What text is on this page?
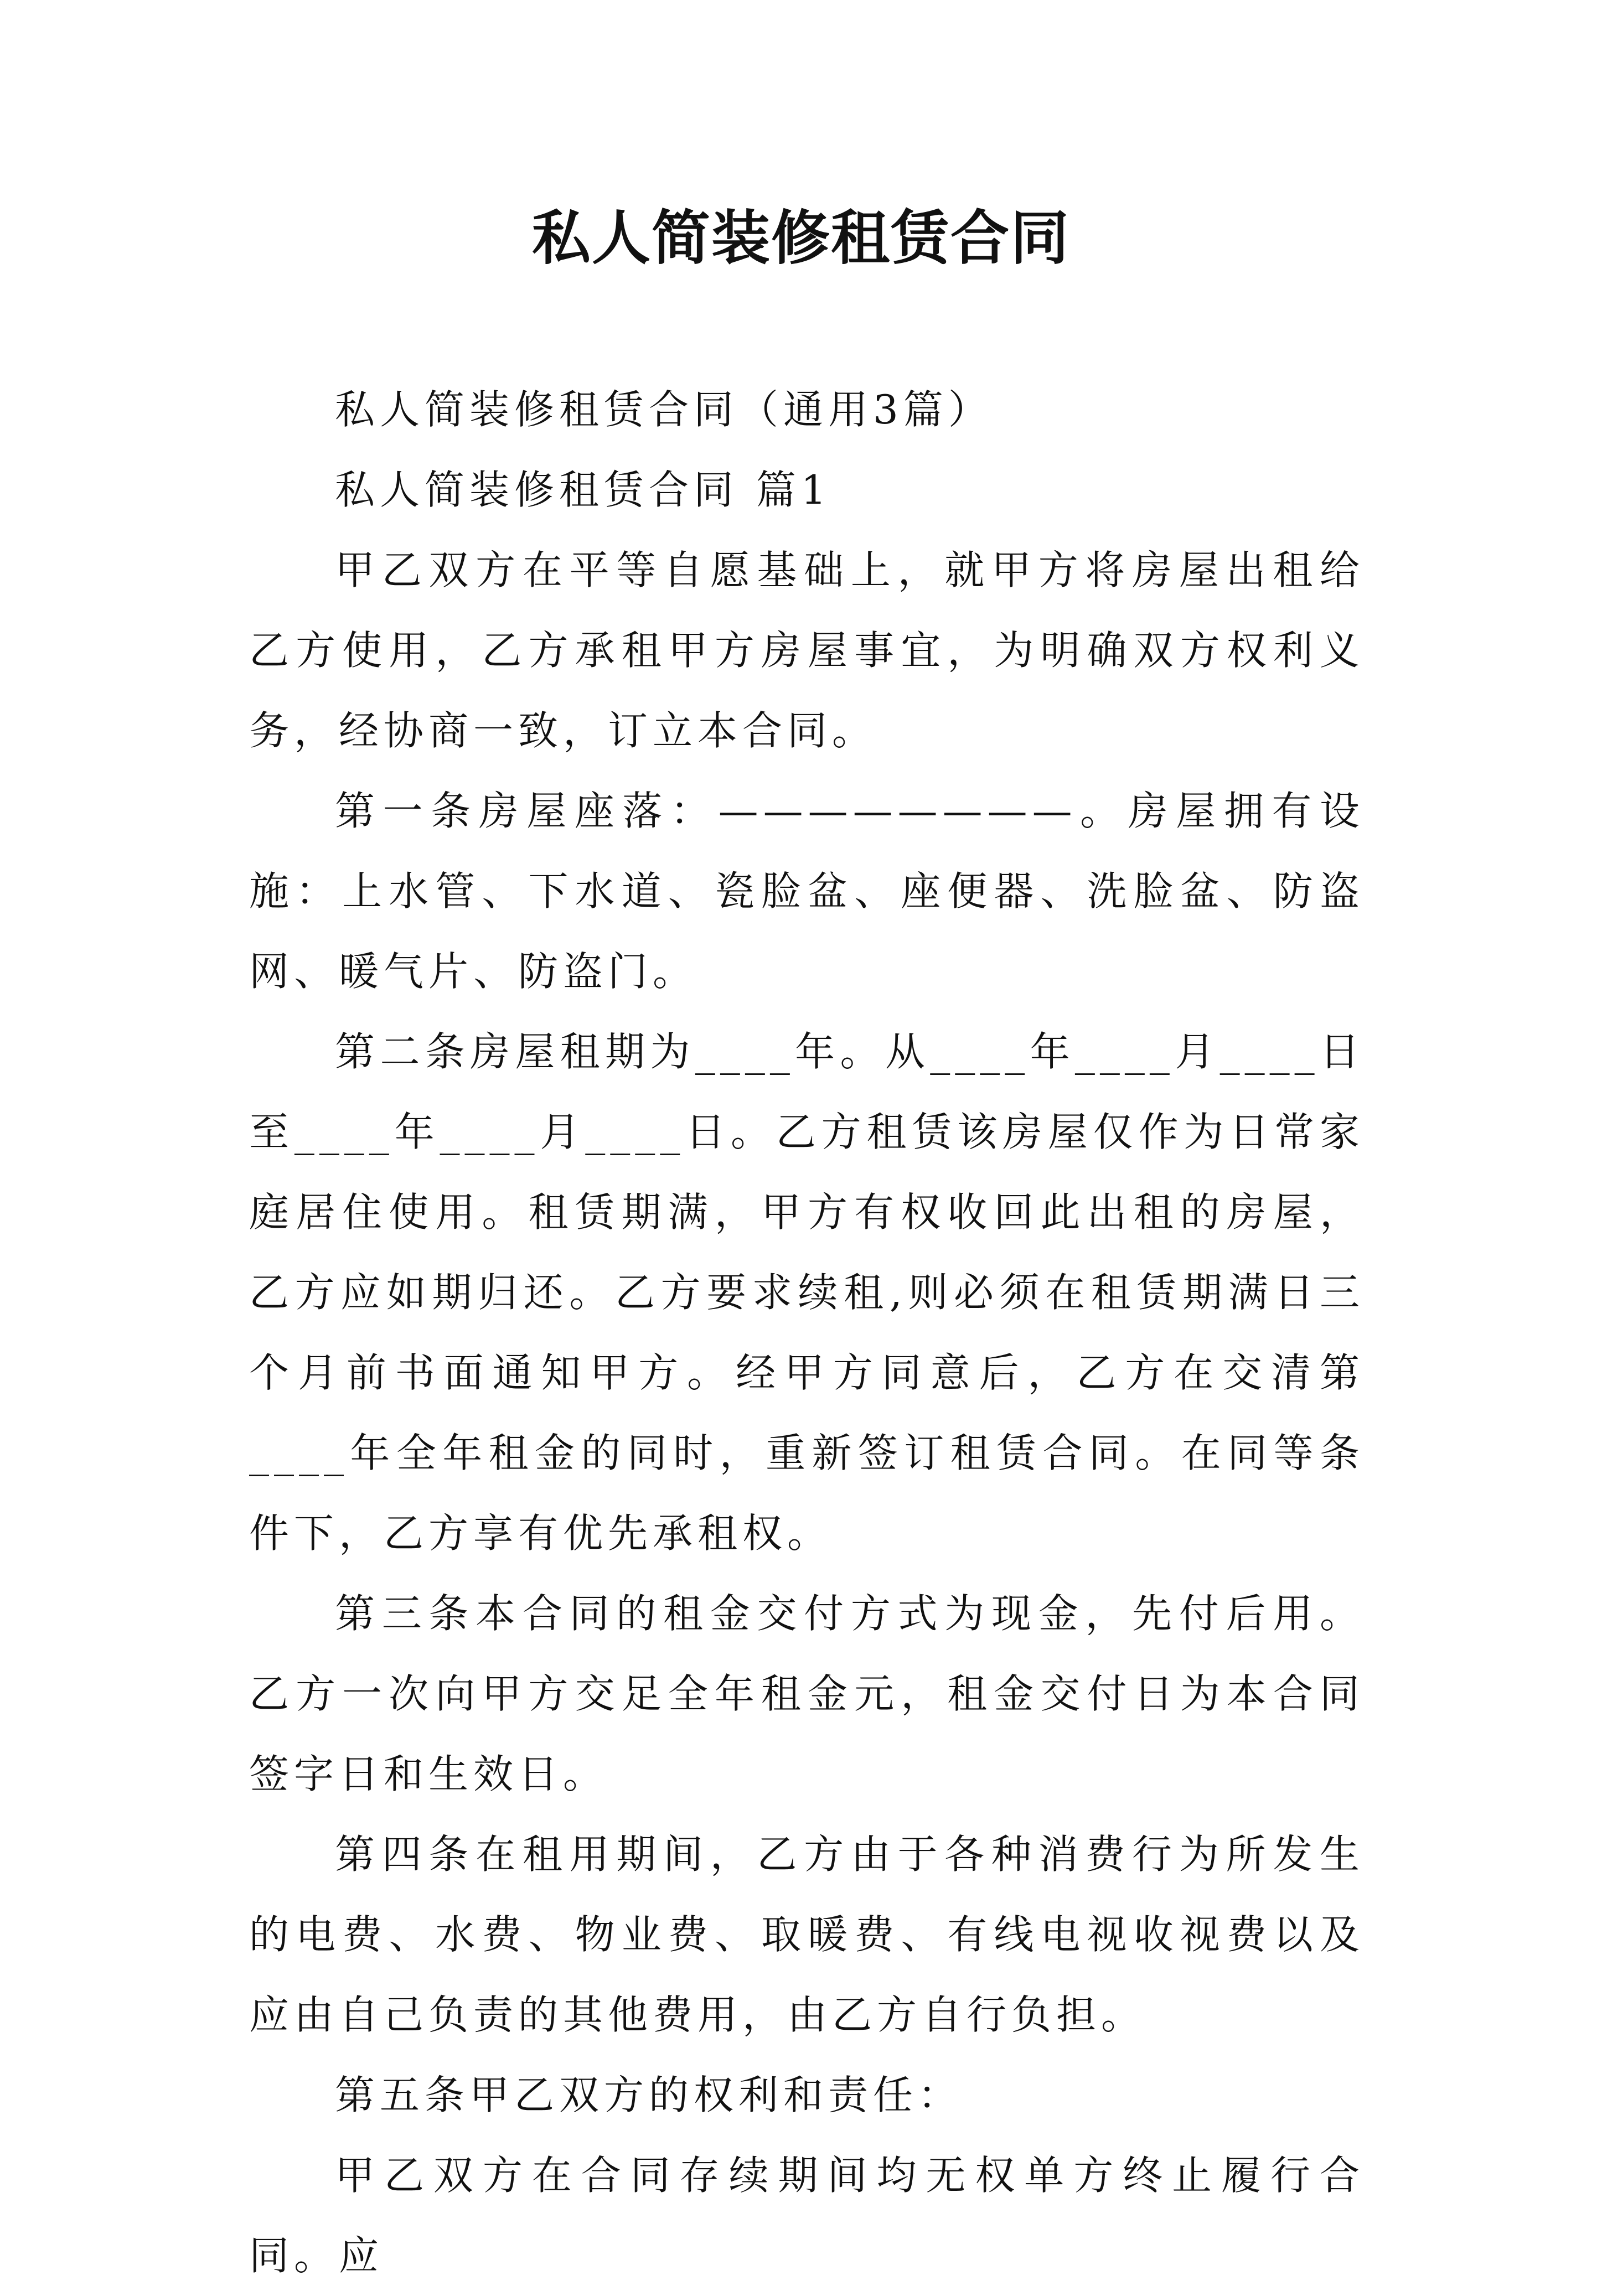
私人简装修租赁合同

私人简装修租赁合同（通用3篇）

私人简装修租赁合同 篇1

甲乙双方在平等自愿基础上，就甲方将房屋出租给乙方使用，乙方承租甲方房屋事宜，为明确双方权利义务，经协商一致，订立本合同。

第一条房屋座落：————————。房屋拥有设施：上水管、下水道、瓷脸盆、座便器、洗脸盆、防盗网、暖气片、防盗门。

第二条房屋租期为____年。从____年____月____日至____年____月____日。乙方租赁该房屋仅作为日常家庭居住使用。租赁期满，甲方有权收回此出租的房屋，乙方应如期归还。乙方要求续租,则必须在租赁期满日三个月前书面通知甲方。经甲方同意后，乙方在交清第____年全年租金的同时，重新签订租赁合同。在同等条件下，乙方享有优先承租权。

第三条本合同的租金交付方式为现金，先付后用。乙方一次向甲方交足全年租金元，租金交付日为本合同签字日和生效日。

第四条在租用期间，乙方由于各种消费行为所发生的电费、水费、物业费、取暖费、有线电视收视费以及应由自己负责的其他费用，由乙方自行负担。

第五条甲乙双方的权利和责任：

甲乙双方在合同存续期间均无权单方终止履行合同。应
